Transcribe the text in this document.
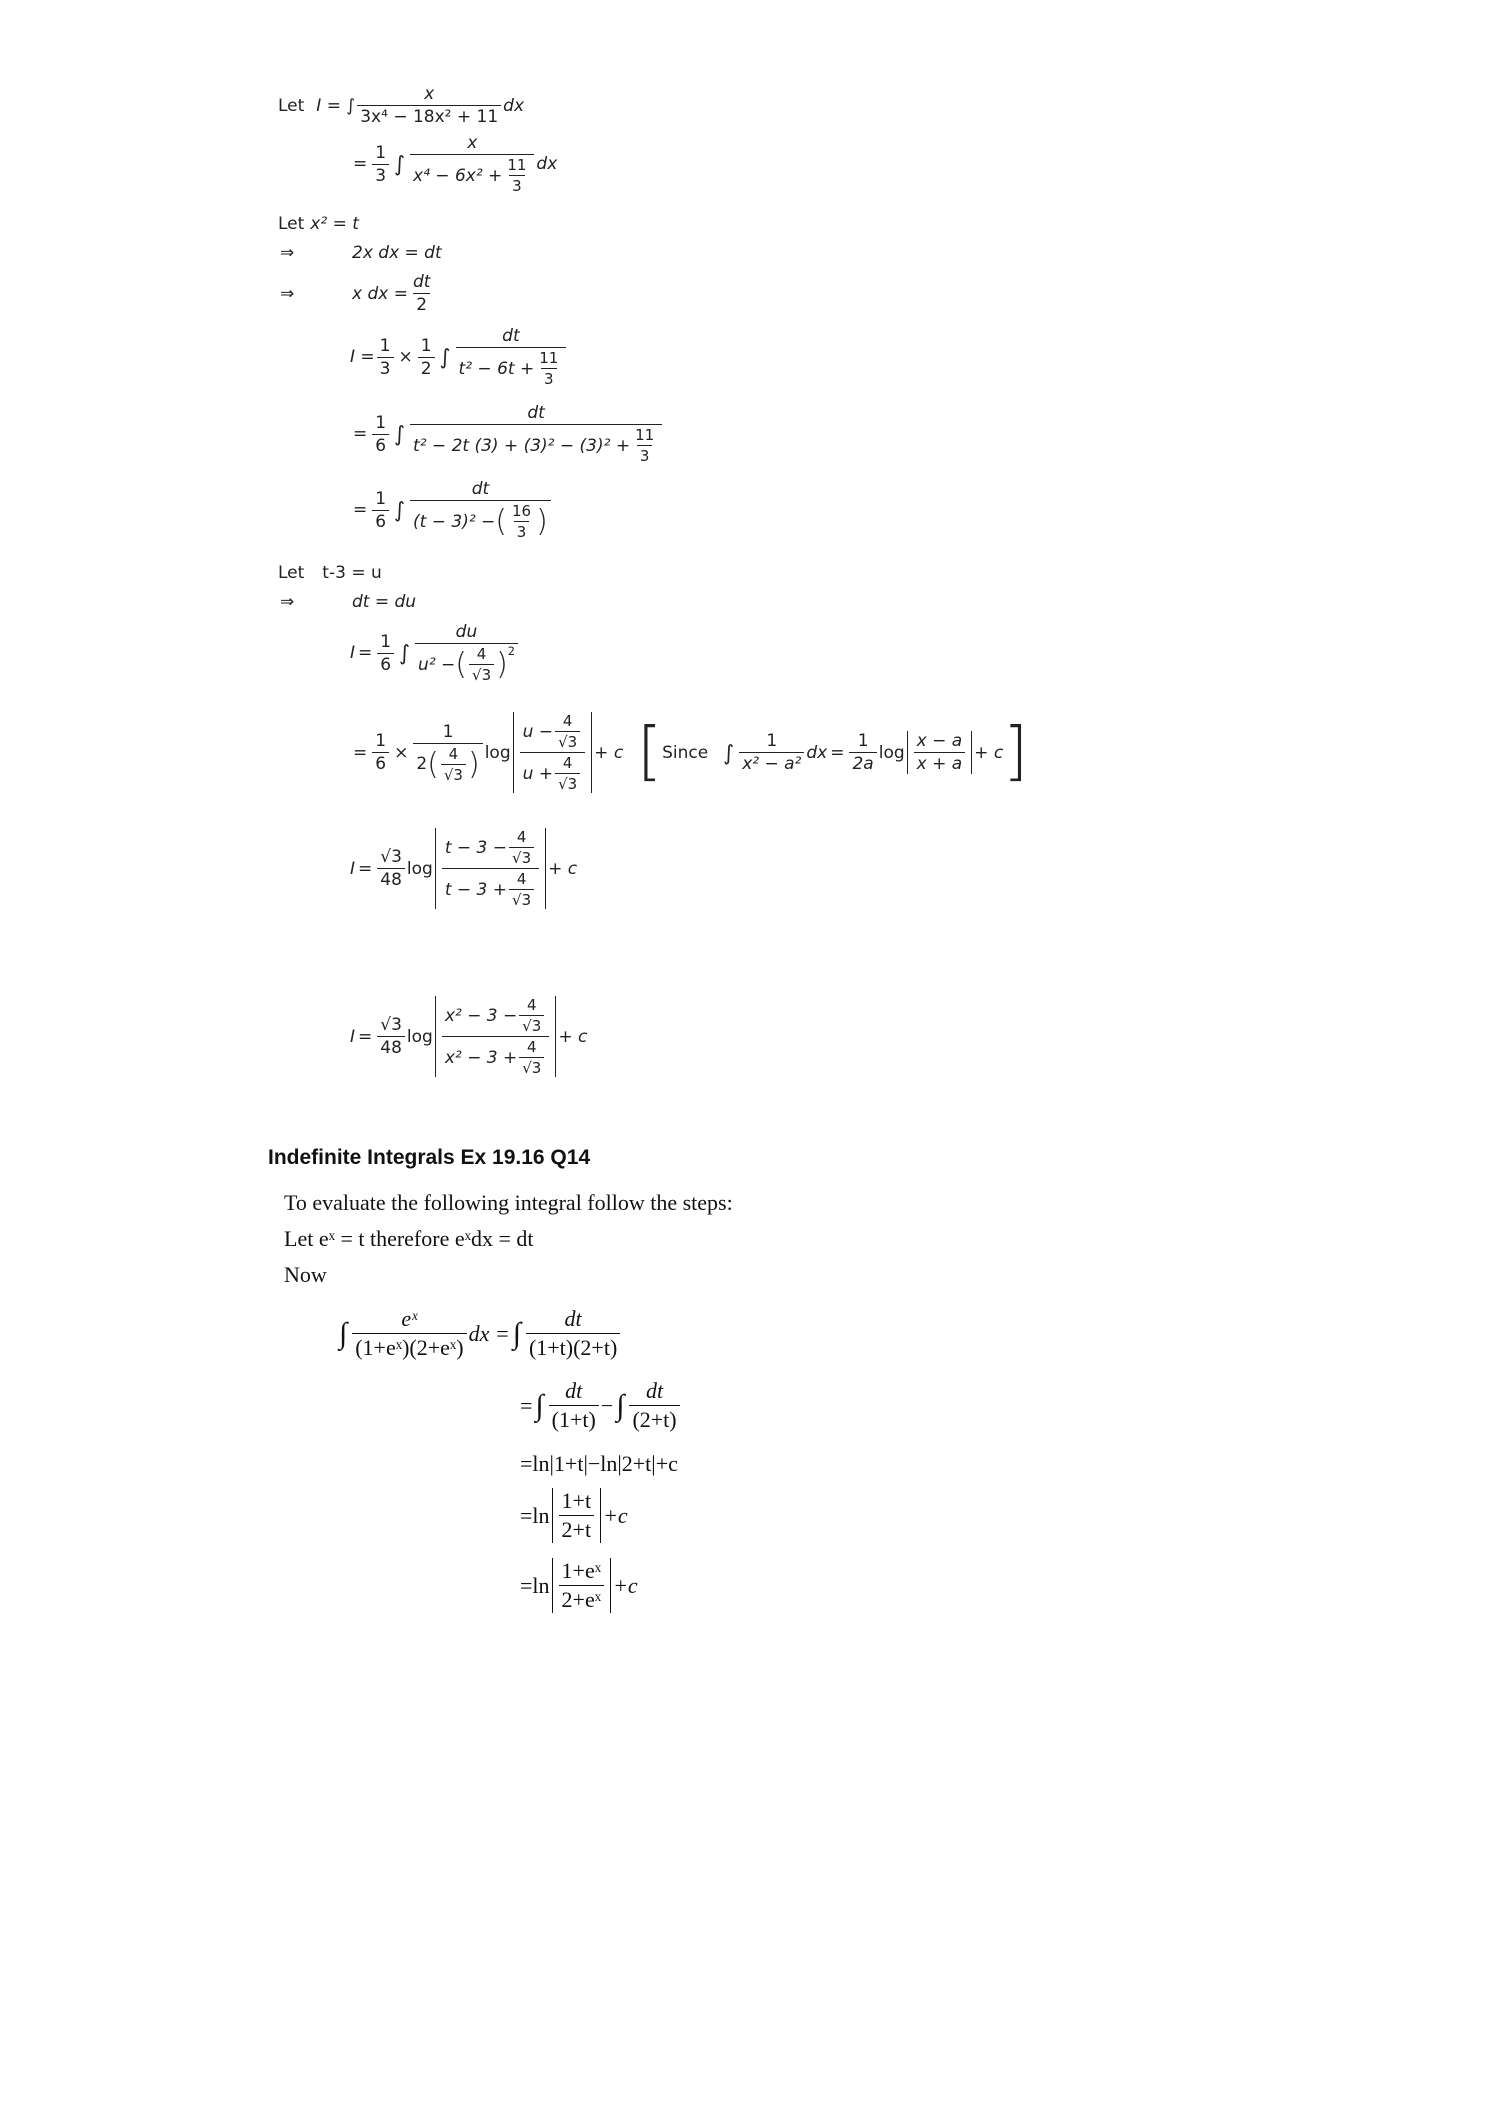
Let I = ∫ $\frac{x}{\text{3x⁴ − 18x² + 11}}$ dx
= $\frac{1}{3}$ ∫ $\frac{x}{x^4 - 6x^2 + \frac{11}{3}}$ dx
Let x² = t
⇒	2x dx = dt
⇒	x dx = $\frac{dt}{2}$
$I = \frac{1}{3} \times \frac{1}{2}$ ∫ $\frac{dt}{t^2 - 6t + \frac{11}{3}}$
= $\frac{1}{6}$ ∫
dt
t² − 2t $(3) + (3)^2 - (3)^2 + \frac{11}{3}$
= $\frac{1}{6}$ ∫
dt
(t − 3)² − ( $\frac{16}{3}$ )
Let t-3 = u
⇒	dt = du
$I = \frac{1}{6}$ ∫
du
u² − ( $\frac{4}{√3} )^2$
= $\frac{1}{6}$ ×
1
2 ( $\frac{4}{√3}$ ) $\log \frac{u - \frac{4}{√3}}{u + \frac{4}{√3}} + c$ [ Since ∫ $\frac{1}{\text{x² − a²}}$ dx = $\frac{1}{2a}$ $\log \frac{x - a}{x + a} + c$ ]
$I = \frac{√3}{48}$ $\log \frac{t - 3 - \frac{4}{√3}}{t - 3 + \frac{4}{√3}} + c$
$I = \frac{√3}{48}$ $\log \frac{x^2 - 3 - \frac{4}{√3}}{x^2 - 3 + \frac{4}{√3}} + c$
Indefinite Integrals Ex 19.16 Q14
To evaluate the following integral follow the steps:
Let eˣ = t therefore eˣdx = dt
Now
∫ $\frac{\text{eˣ}}{\text{(1+eˣ)(2+eˣ)}}$ dx = ∫ $\frac{dt}{(1+t)(2+t)}$
= ∫ $\frac{dt}{(1+t)}$ − ∫ $\frac{dt}{(2+t)}$
=ln|1+t|−ln|2+t|+c
$=\ln \frac{1+t}{2+t} +c$
$=\ln \frac{\text{1+eˣ}}{\text{2+eˣ}} +c$
